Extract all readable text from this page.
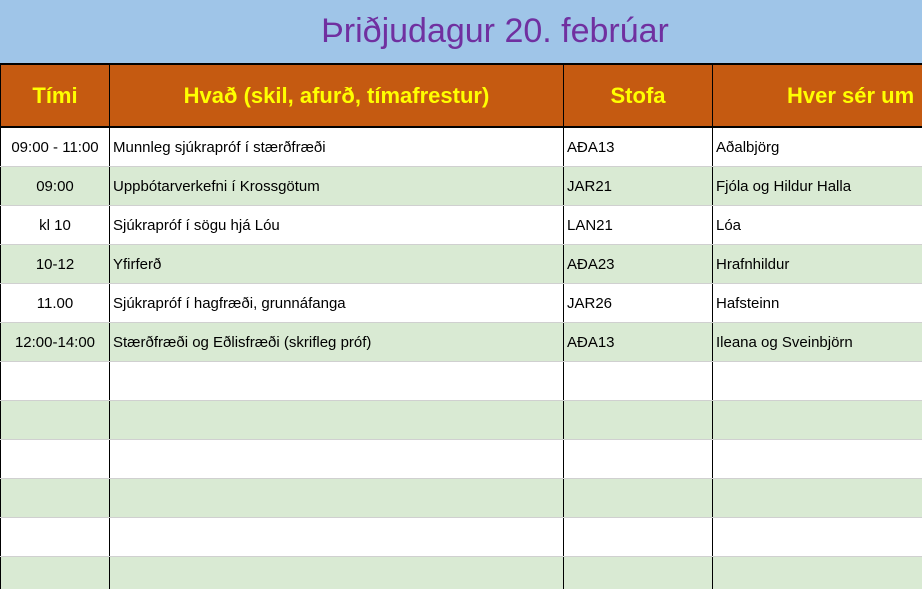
Þriðjudagur 20. febrúar
Tími	Hvað (skil, afurð, tímafrestur)	Stofa	Hver sér um
09:00 - 11:00	Munnleg sjúkrapróf í stærðfræði	AÐA13	Aðalbjörg
09:00	Uppbótarverkefni í Krossgötum	JAR21	Fjóla og Hildur Halla
kl 10	Sjúkrapróf í sögu hjá Lóu	LAN21	Lóa
10-12	Yfirferð	AÐA23	Hrafnhildur
11.00	Sjúkrapróf í hagfræði, grunnáfanga	JAR26	Hafsteinn
12:00-14:00	Stærðfræði og Eðlisfræði (skrifleg próf)	AÐA13	Ileana og Sveinbjörn
